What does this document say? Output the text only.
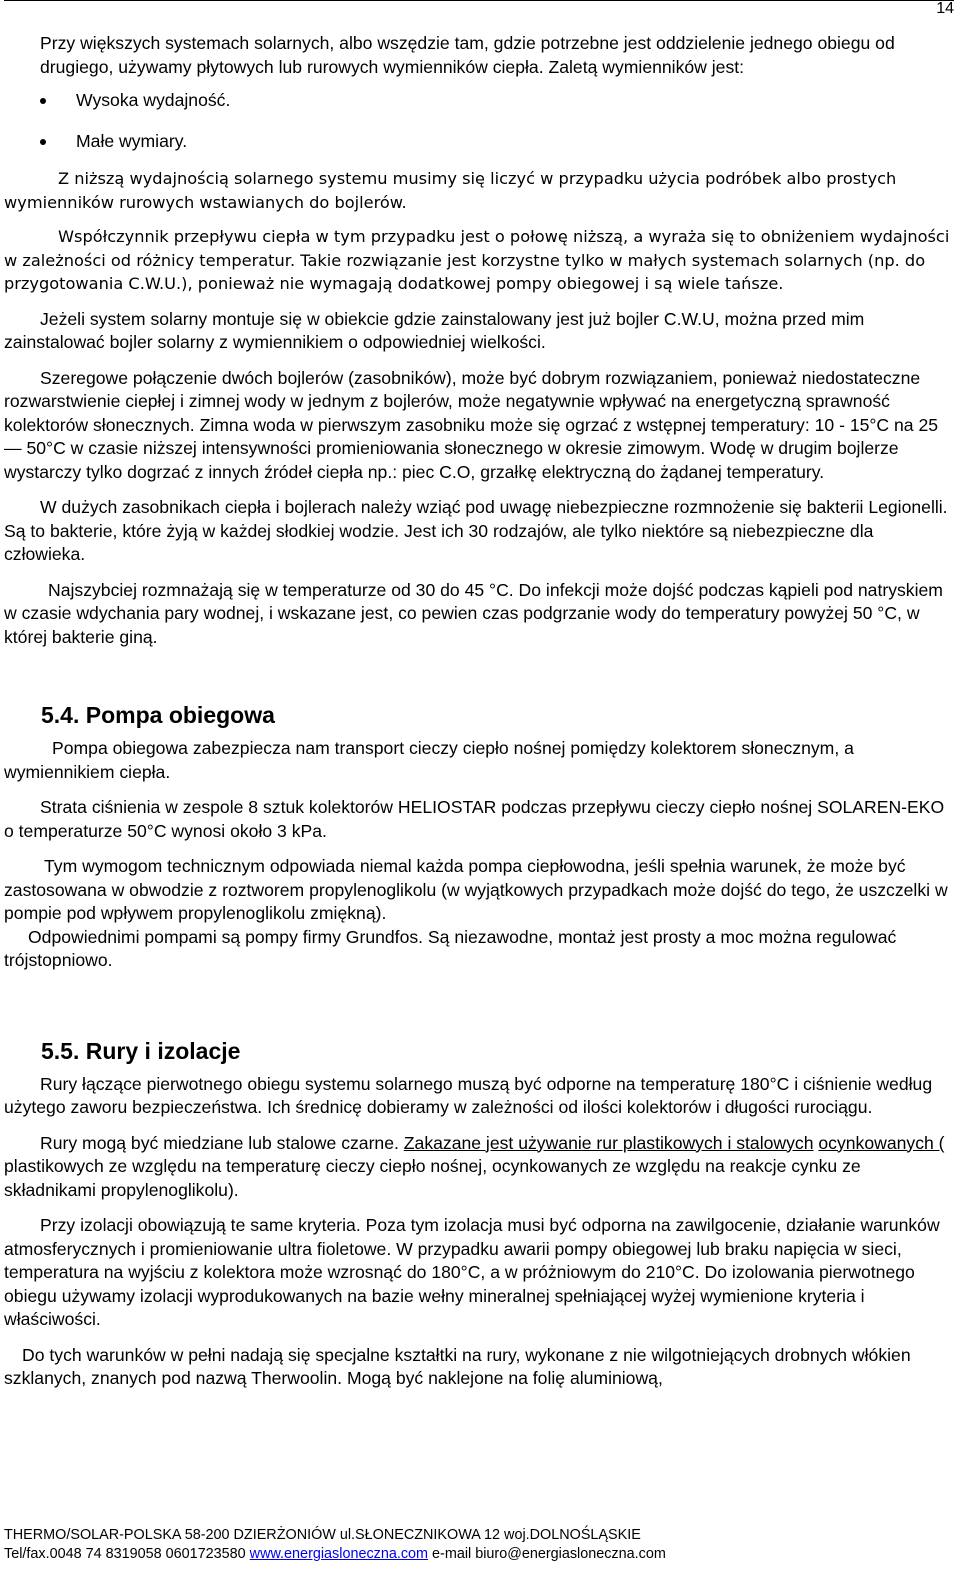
14

Przy większych systemach solarnych, albo wszędzie tam, gdzie potrzebne jest oddzielenie jednego obiegu od drugiego, używamy płytowych lub rurowych wymienników ciepła. Zaletą wymienników jest:

Wysoka wydajność.
Małe wymiary.

Z niższą wydajnością solarnego systemu musimy się liczyć w przypadku użycia podróbek albo prostych wymienników rurowych wstawianych do bojlerów.

Współczynnik przepływu ciepła w tym przypadku jest o połowę niższą, a wyraża się to obniżeniem wydajności w zależności od różnicy temperatur. Takie rozwiązanie jest korzystne tylko w małych systemach solarnych (np. do przygotowania C.W.U.), ponieważ nie wymagają dodatkowej pompy obiegowej i są wiele tańsze.

Jeżeli system solarny montuje się w obiekcie gdzie zainstalowany jest już bojler C.W.U, można przed mim zainstalować bojler solarny z wymiennikiem o odpowiedniej wielkości.

Szeregowe połączenie dwóch bojlerów (zasobników), może być dobrym rozwiązaniem, ponieważ niedostateczne rozwarstwienie ciepłej i zimnej wody w jednym z bojlerów, może negatywnie wpływać na energetyczną sprawność kolektorów słonecznych. Zimna woda w pierwszym zasobniku może się ogrzać z wstępnej temperatury: 10 - 15°C na 25 — 50°C w czasie niższej intensywności promieniowania słonecznego w okresie zimowym. Wodę w drugim bojlerze wystarczy tylko dogrzać z innych źródeł ciepła np.: piec C.O, grzałkę elektryczną do żądanej temperatury.

W dużych zasobnikach ciepła i bojlerach należy wziąć pod uwagę niebezpieczne rozmnożenie się bakterii Legionelli. Są to bakterie, które żyją w każdej słodkiej wodzie. Jest ich 30 rodzajów, ale tylko niektóre są niebezpieczne dla człowieka.

Najszybciej rozmnażają się w temperaturze od 30 do 45 °C. Do infekcji może dojść podczas kąpieli pod natryskiem w czasie wdychania pary wodnej, i wskazane jest, co pewien czas podgrzanie wody do temperatury powyżej 50 °C, w której bakterie giną.

5.4. Pompa obiegowa

Pompa obiegowa zabezpiecza nam transport cieczy ciepło nośnej pomiędzy kolektorem słonecznym, a wymiennikiem ciepła.

Strata ciśnienia w zespole 8 sztuk kolektorów HELIOSTAR podczas przepływu cieczy ciepło nośnej SOLAREN-EKO o temperaturze 50°C wynosi około 3 kPa.

Tym wymogom technicznym odpowiada niemal każda pompa ciepłowodna, jeśli spełnia warunek, że może być zastosowana w obwodzie z roztworem propylenoglikolu (w wyjątkowych przypadkach może dojść do tego, że uszczelki w pompie pod wpływem propylenoglikolu zmiękną).

Odpowiednimi pompami są pompy firmy Grundfos. Są niezawodne, montaż jest prosty a moc można regulować trójstopniowo.

5.5. Rury i izolacje

Rury łączące pierwotnego obiegu systemu solarnego muszą być odporne na temperaturę 180°C i ciśnienie według użytego zaworu bezpieczeństwa. Ich średnicę dobieramy w zależności od ilości kolektorów i długości rurociągu.

Rury mogą być miedziane lub stalowe czarne. Zakazane jest używanie rur plastikowych i stalowych ocynkowanych ( plastikowych ze względu na temperaturę cieczy ciepło nośnej, ocynkowanych ze względu na reakcje cynku ze składnikami propylenoglikolu).

Przy izolacji obowiązują te same kryteria. Poza tym izolacja musi być odporna na zawilgocenie, działanie warunków atmosferycznych i promieniowanie ultra fioletowe. W przypadku awarii pompy obiegowej lub braku napięcia w sieci, temperatura na wyjściu z kolektora może wzrosnąć do 180°C, a w próżniowym do 210°C. Do izolowania pierwotnego obiegu używamy izolacji wyprodukowanych na bazie wełny mineralnej spełniającej wyżej wymienione kryteria i właściwości.

Do tych warunków w pełni nadają się specjalne kształtki na rury, wykonane z nie wilgotniejących drobnych włókien szklanych, znanych pod nazwą Therwoolin. Mogą być naklejone na folię aluminiową,

THERMO/SOLAR-POLSKA 58-200 DZIERŻONIÓW ul.SŁONECZNIKOWA 12 woj.DOLNOŚLĄSKIE
Tel/fax.0048 74 8319058 0601723580 www.energiasloneczna.com e-mail biuro@energiasloneczna.com
